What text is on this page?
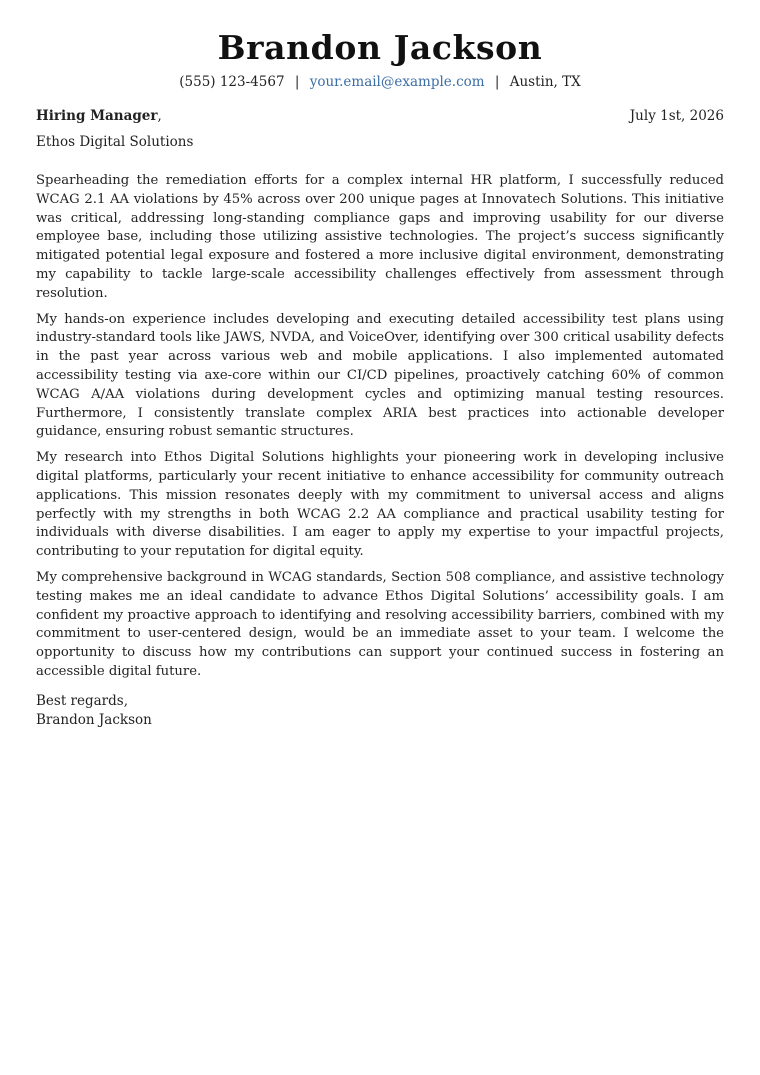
Brandon Jackson
(555) 123-4567 | your.email@example.com | Austin, TX
Hiring Manager,	July 1st, 2026
Ethos Digital Solutions

Spearheading the remediation efforts for a complex internal HR platform, I successfully reduced WCAG 2.1 AA violations by 45% across over 200 unique pages at Innovatech Solutions. This initiative was critical, addressing long-standing compliance gaps and improving usability for our diverse employee base, including those utilizing assistive technologies. The project’s success significantly mitigated potential legal exposure and fostered a more inclusive digital environment, demonstrating my capability to tackle large-scale accessibility challenges effectively from assessment through resolution.

My hands-on experience includes developing and executing detailed accessibility test plans using industry-standard tools like JAWS, NVDA, and VoiceOver, identifying over 300 critical usability defects in the past year across various web and mobile applications. I also implemented automated accessibility testing via axe-core within our CI/CD pipelines, proactively catching 60% of common WCAG A/AA violations during development cycles and optimizing manual testing resources. Furthermore, I consistently translate complex ARIA best practices into actionable developer guidance, ensuring robust semantic structures.

My research into Ethos Digital Solutions highlights your pioneering work in developing inclusive digital platforms, particularly your recent initiative to enhance accessibility for community outreach applications. This mission resonates deeply with my commitment to universal access and aligns perfectly with my strengths in both WCAG 2.2 AA compliance and practical usability testing for individuals with diverse disabilities. I am eager to apply my expertise to your impactful projects, contributing to your reputation for digital equity.

My comprehensive background in WCAG standards, Section 508 compliance, and assistive technology testing makes me an ideal candidate to advance Ethos Digital Solutions’ accessibility goals. I am confident my proactive approach to identifying and resolving accessibility barriers, combined with my commitment to user-centered design, would be an immediate asset to your team. I welcome the opportunity to discuss how my contributions can support your continued success in fostering an accessible digital future.

Best regards,
Brandon Jackson
